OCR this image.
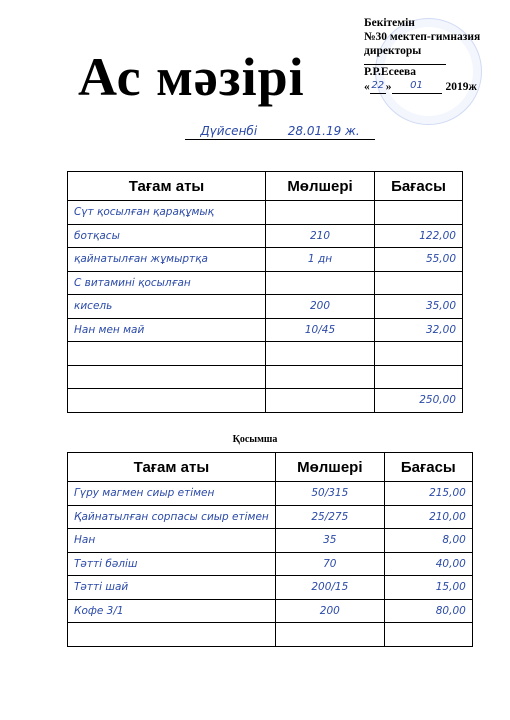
Бекітемін
№30 мектеп-гимназия
директоры
Р.Р.Есеева
« 22 »	01	2019ж
Ас мәзірі
Дүйсенбі	28.01.19 ж.
Тағам аты	Мөлшері	Бағасы
Сүт қосылған қарақұмық		
ботқасы	210	122,00
қайнатылған жұмыртқа	1 дн	55,00
С витамині қосылған		
кисель	200	35,00
Нан мен май	10/45	32,00

		250,00
Қосымша
Тағам аты	Мөлшері	Бағасы
Гүру магмен сиыр етімен	50/315	215,00
Қайнатылған сорпасы сиыр етімен	25/275	210,00
Нан	35	8,00
Тәтті бәліш	70	40,00
Тәтті шай	200/15	15,00
Кофе 3/1	200	80,00
